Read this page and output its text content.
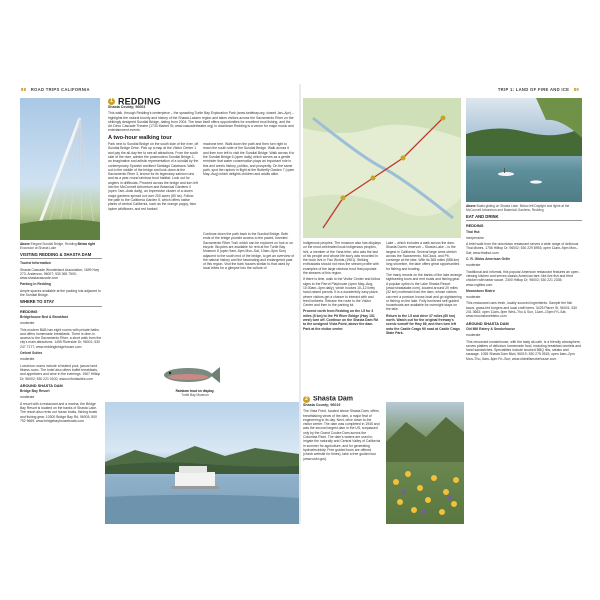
88 ROAD TRIPS CALIFORNIA	TRIP 1: LAND OF FIRE AND ICE 89

Above Elegant Sundial Bridge, Redding Below right Excursion at Shasta Lake

VISITING REDDING & SHASTA DAM

Tourist Information

Shasta Cascade Wonderland Association; 1699 Hwy 273, Anderson, 96007; 530 365 7500; www.shastacascade.com

Parking in Redding

Ample spaces available at the parking lots adjacent to the Sundial Bridge.

WHERE TO STAY
REDDING

Bridgehouse Bed & Breakfast

moderate

This modern B&B has eight rooms with private baths and offers homemade breakfasts. There is dine-in access to the Sacramento River, a short walk from the city's main attractions. 1455 Riverside Dr, 96001; 530 247 7177; www.reddingbridgehouse.com

Oxford Suites

moderate

Luxurious rooms include a heated pool, jacuzzi and fitness room. The hotel also offers buffet breakfasts, and appetizers and wine in the evenings. 1967 Hilltop Dr, 96002; 530 221 0100; www.oxfordsuites.com

AROUND SHASTA DAM

Bridge Bay Resort

moderate

A resort with a restaurant and a marina, the Bridge Bay Resort is located on the banks of Shasta Lake. The resort also rents out house boats, fishing boats and fishing gear. 10300 Bridge Bay Rd, 96003; 800 752 9669; www.bridgebayhouseboats.com

1 REDDING

Shasta County; 96003

This walk, through Redding's centerpiece – the sprawling Turtle Bay Exploration Park (www.turtlebay.org; closed Jan–Apr) – highlights the natural bounty and history of the Shasta-Lassen region and takes visitors across the Sacramento River on the strikingly designed Sundial Bridge, dating from 2004. The town itself offers opportunities for excellent trout fishing, and the Art Deco Cascade Theatre (1733 Market St; www.cascadetheatre.org) in downtown Redding is a venue for major music and entertainment events.

A two-hour walking tour

Park next to Sundial Bridge on the south side of the river, off Sundial Bridge Drive. Pick up a map at the Visitor Center 1 and pay the all-day fee to see all attractions. From the south side of the river, admire the postmodern Sundial Bridge 2, an imaginative and artistic representation of a sundial by the contemporary Spanish architect Santiago Calatrava. Walk out to the middle of the bridge and look down at the Sacramento River 3, known for its legendary salmon runs and as a year-round rainbow trout habitat. Look out for anglers in driftboats. Proceed across the bridge and turn left into the McConnell Arboretum and Botanical Gardens 4 (open 7am–dusk daily), an impressive cluster of a dozen major gardens spread out over 200 acres (80 ha). Follow the path to the California Garden 5, which offers native plants of central California, such as the orange poppy, blue lupine wildflower, and red barked

madrone tree. Walk down the path and then turn right to reach the south side of the Sundial Bridge. Walk across it and then turn left to visit the Sundial Bridge. Walk across it to the Sundial Bridge 6 (open daily) which serves as a gentle reminder that water conservation plays an important role in this arid area's history, politics, and prosperity. On the same path, spot the raptors in flight at the Butterfly Garden 7 (open May–Aug) which delights children and adults alike.

Continue down the path back to the Sundial Bridge. Both ends of the bridge provide access to the paved, forested Sacramento River Trail, which can be explored on foot or on bicycle. Bicycles are available for rent at the Turtle Bay Museum 8 (open 9am–5pm Mon–Sat, 10am–5pm Sun) adjacent to the south end of the bridge, to get an overview of the natural history and the fascinating and endangered past of this region. Visit the bark houses similar to that used by local tribes for a glimpse into the culture of

Rainbow trout on display,
Turtle Bay Museum

Indigenous peoples. The museum also has displays on the most celebrated local Indigenous peoples, Ishi, a member of the Yana tribe, who was the last of his people and whose life story was recorded in the book Ishi in Two Worlds (1961). Striking enthusiasts should not miss the stream profile with examples of the large rainbow trout that populate the streams of this region.

If there is time, walk to the Visitor Center and follow signs to the Parrot Playhouse (open May–Aug; 10:30am–4pm daily), which houses 10–12 lively hand-raised parrots. It is a wonderfully zany place, where visitors get a chance to interact with and feed lorikeets. Retrace the route to the Visitor Center and then to the parking lot.

Proceed north from Redding on the I-5 for 3 miles (5 km) to the Pit River Bridge (Hwy 151 west) turn off. Continue on the Shasta Dam Rd to the unsigned Vista Point, above the dam. Park at the visitor center.

2 Shasta Dam

Shasta County; 96019

The Vista Point, located above Shasta Dam, offers breathtaking views of the dam, a major feat of engineering in its day. Next, drive down to the visitor center. The dam was completed in 1945 and was the second largest dam in the US, surpassed only by the Grand Coulee Dam across the Columbia River. The dam's waters are used to irrigate the naturally arid Central Valley of California in summer for agriculture, and for generating hydroelectricity. Free guided tours are offered (check website for times), take a free guided tour (www.usbr.gov).

Lake – which includes a walk across the dam. Shasta Dam's reservoir – Shasta Lake – is the largest in California. Several large arms stretch across the Sacramento, McCloud, and Pit, converge at the lake. With its 365 miles (588 km) long shoreline, the lake offers great opportunities for fishing and boating.

The many resorts on the banks of the lake arrange sightseeing tours and rent boats and fishing gear. A popular option is the Lake Shasta Resort (www.shastalake.com), located around 20 miles (32 km) northeast from the dam, whose visitors can rent a pontoon house-boat and go sightseeing or fishing on the lake. Fully furnished self-guided houseboats are available for overnight stays on the lake.

Return to the I-5 and drive 37 miles (60 km) north. Watch out for the original freeway's scenic turnoff for Hwy 89, and then turn left onto the Castle Crags fill road at Castle Crags State Park.

Above Boats gliding on Shasta Lake. Below left Daylight and lights at the McConnell Arboretum and Botanical Gardens, Redding

EAT AND DRINK
REDDING

Thai Hut

inexpensive

A brief walk from the downtown restaurant serves a wide range of delicious Thai dishes. 1756 Hilltop Dr, 96002; 530 229 8953; open 11am–9pm Mon–Sat; www.thaihut.com

C. R. Gibbs American Grille

moderate

Traditional and informal, this popular American restaurant features an open-viewing kitchen and serves classic American fare, like live fish and fried chicken with tartar sauce. 2300 Hilltop Dr, 96002; 530 221 2335; www.crgibbs.com

Moonstone Bistro

moderate

This restaurant uses fresh, locally sourced ingredients. Sample the fish tacos, grass-fed burgers and local craft beers. 3425 Placer St, 96001; 530 241 3663; open 11am–9pm Wed–Thu & Sun, 11am–10pm Fri–Sat; www.moonstonebistro.com

AROUND SHASTA DAM

Old Mill Eatery & Smokehouse

moderate

This renowned smokehouse, with the tasty all-cafe, is a friendly atmosphere, serves platters of delicious homemade food, including breakfast omelets and hand sandwiches. Specialities include smoked BBQ ribs, steaks and sausage. 1055 Shasta Dam Blvd, 96019; 530 275 0515; open 6am–2pm Mon–Thu, 6am–8pm Fri–Sun; www.oldmillsmokehouse.com
